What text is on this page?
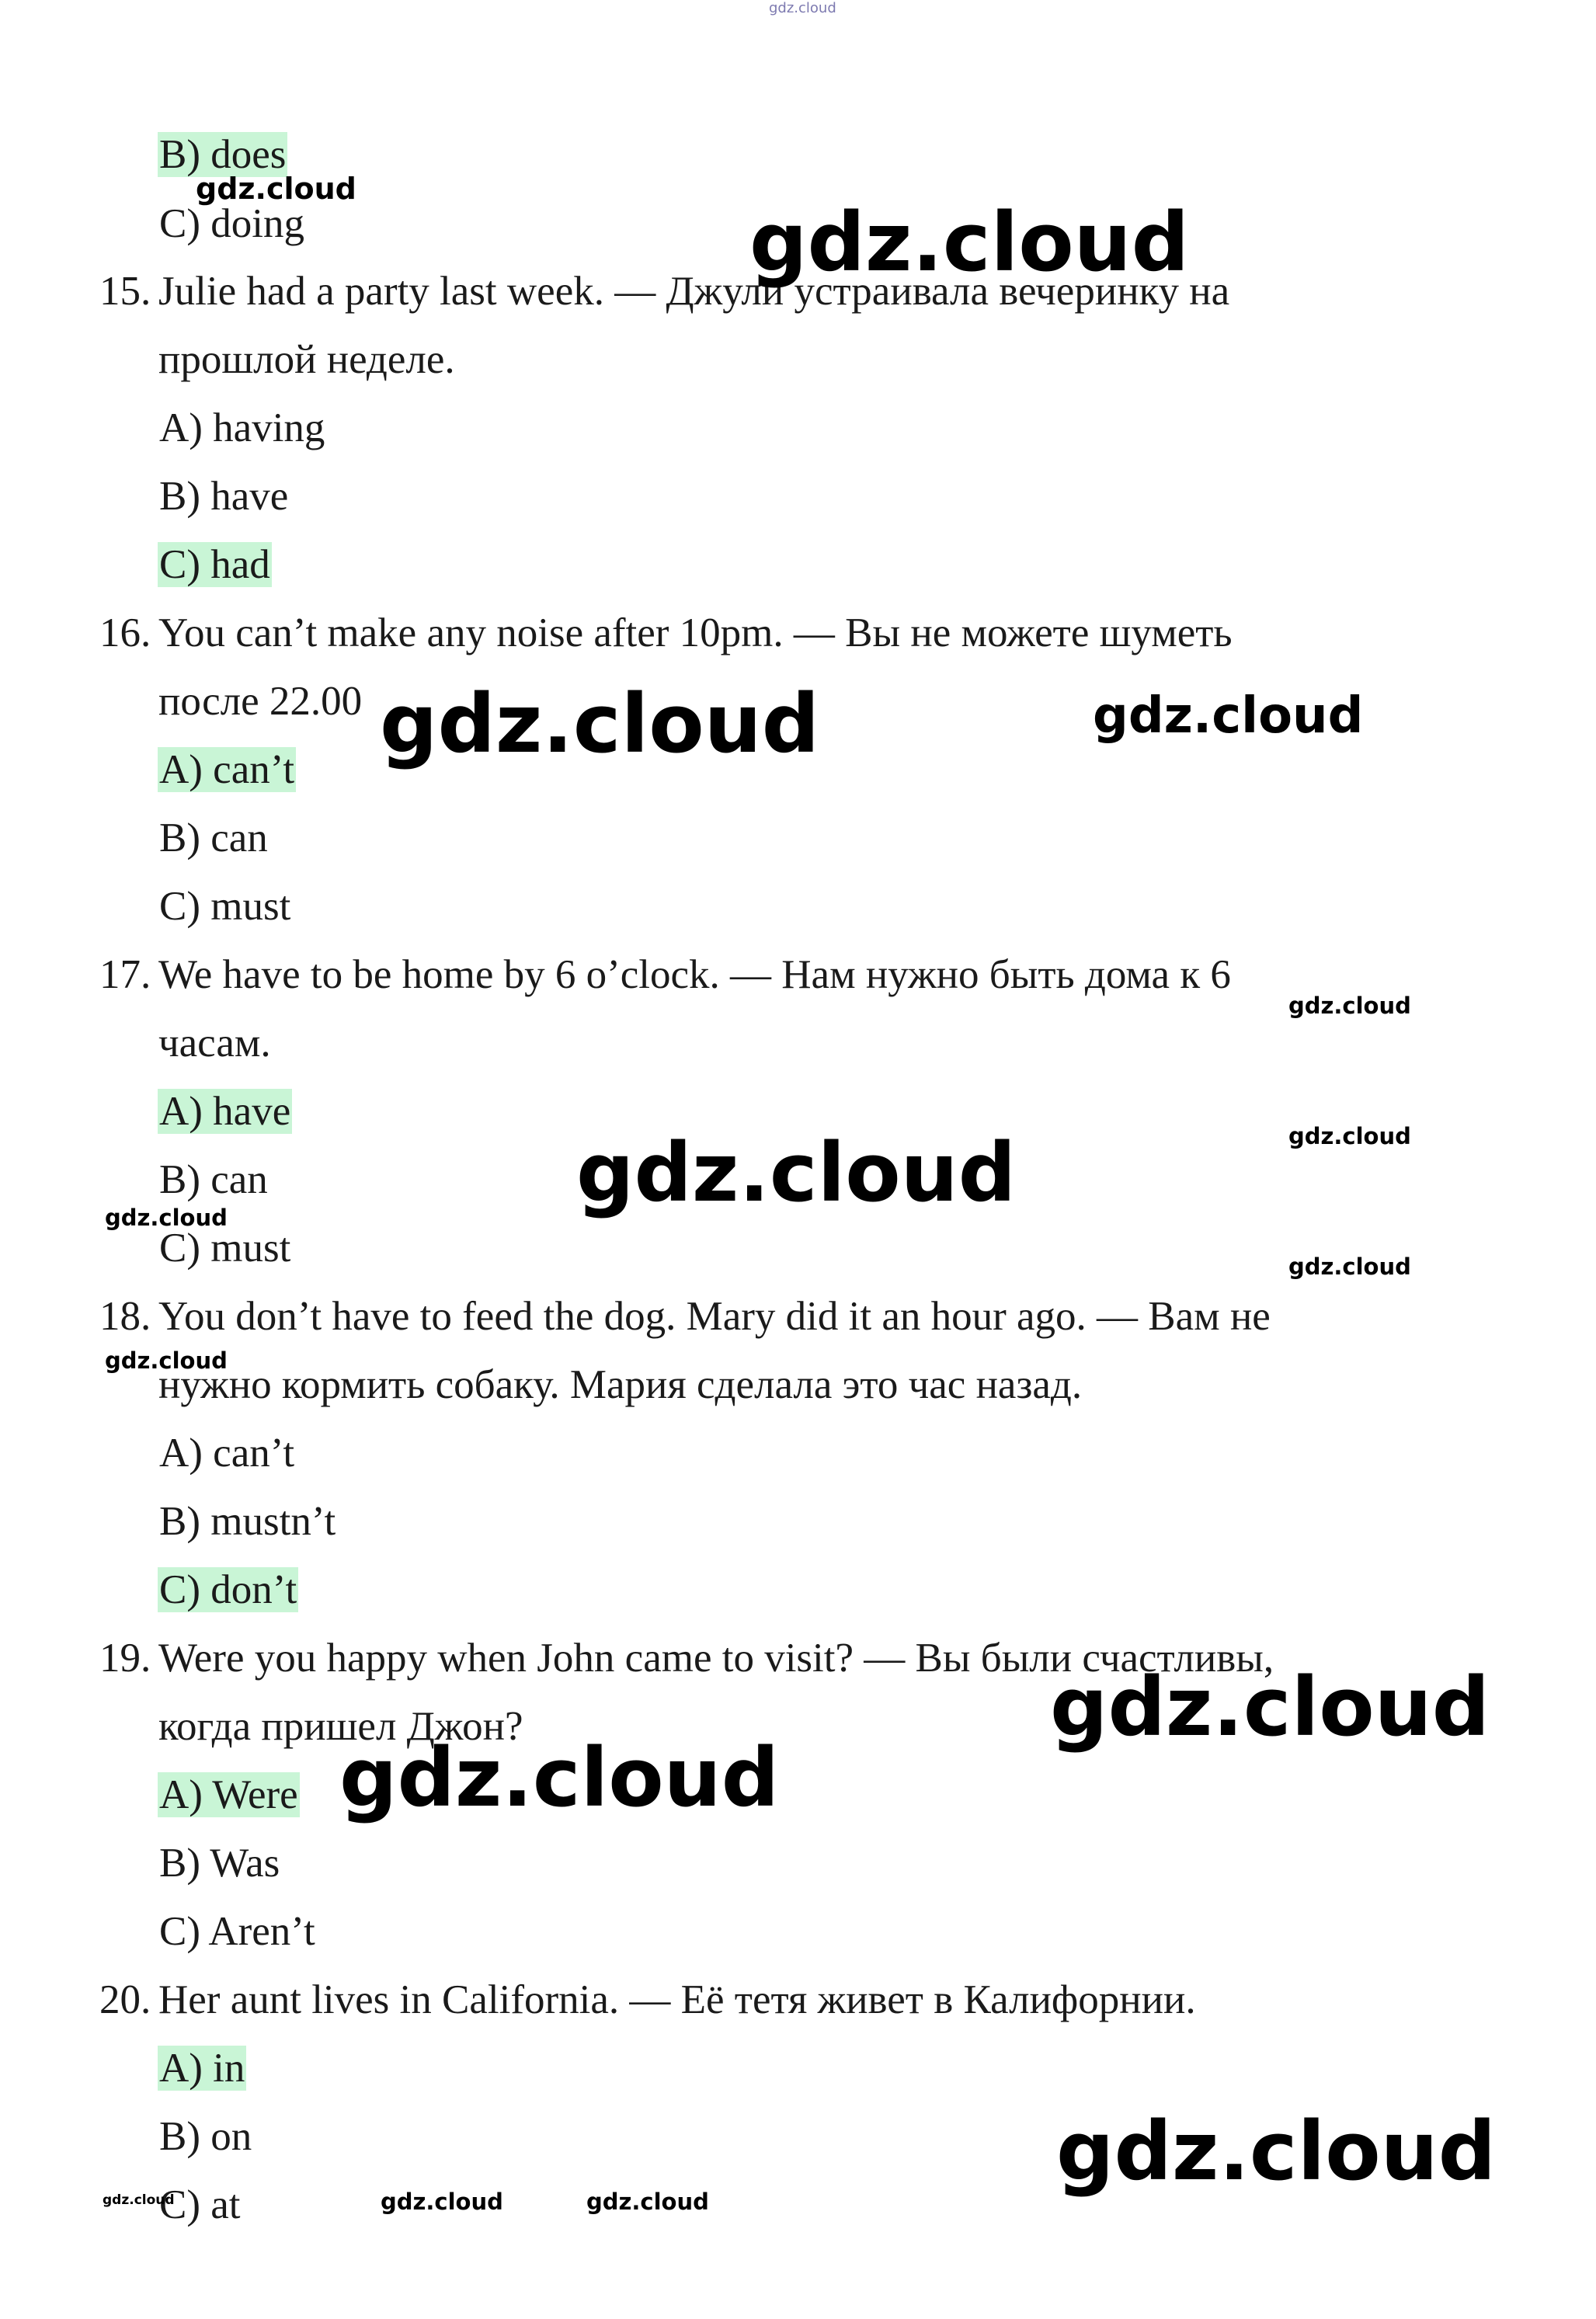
gdz.cloud
B) does
C) doing
15. Julie had a party last week. — Джули устраивала вечеринку на
прошлой неделе.
A) having
B) have
C) had
16. You can’t make any noise after 10pm. — Вы не можете шуметь
после 22.00
A) can’t
B) can
C) must
17. We have to be home by 6 o’clock. — Нам нужно быть дома к 6
часам.
A) have
B) can
C) must
18. You don’t have to feed the dog. Mary did it an hour ago. — Вам не
нужно кормить собаку. Мария сделала это час назад.
A) can’t
B) mustn’t
C) don’t
19. Were you happy when John came to visit? — Вы были счастливы,
когда пришел Джон?
A) Were
B) Was
C) Aren’t
20. Her aunt lives in California. — Её тетя живет в Калифорнии.
A) in
B) on
C) at
gdz.cloud
gdz.cloud
gdz.cloud	gdz.cloud
gdz.cloud
gdz.cloud
gdz.cloud
gdz.cloud
gdz.cloud
gdz.cloud
gdz.cloud
gdz.cloud
gdz.cloud
gdz.cloud	gdz.cloud	gdz.cloud
